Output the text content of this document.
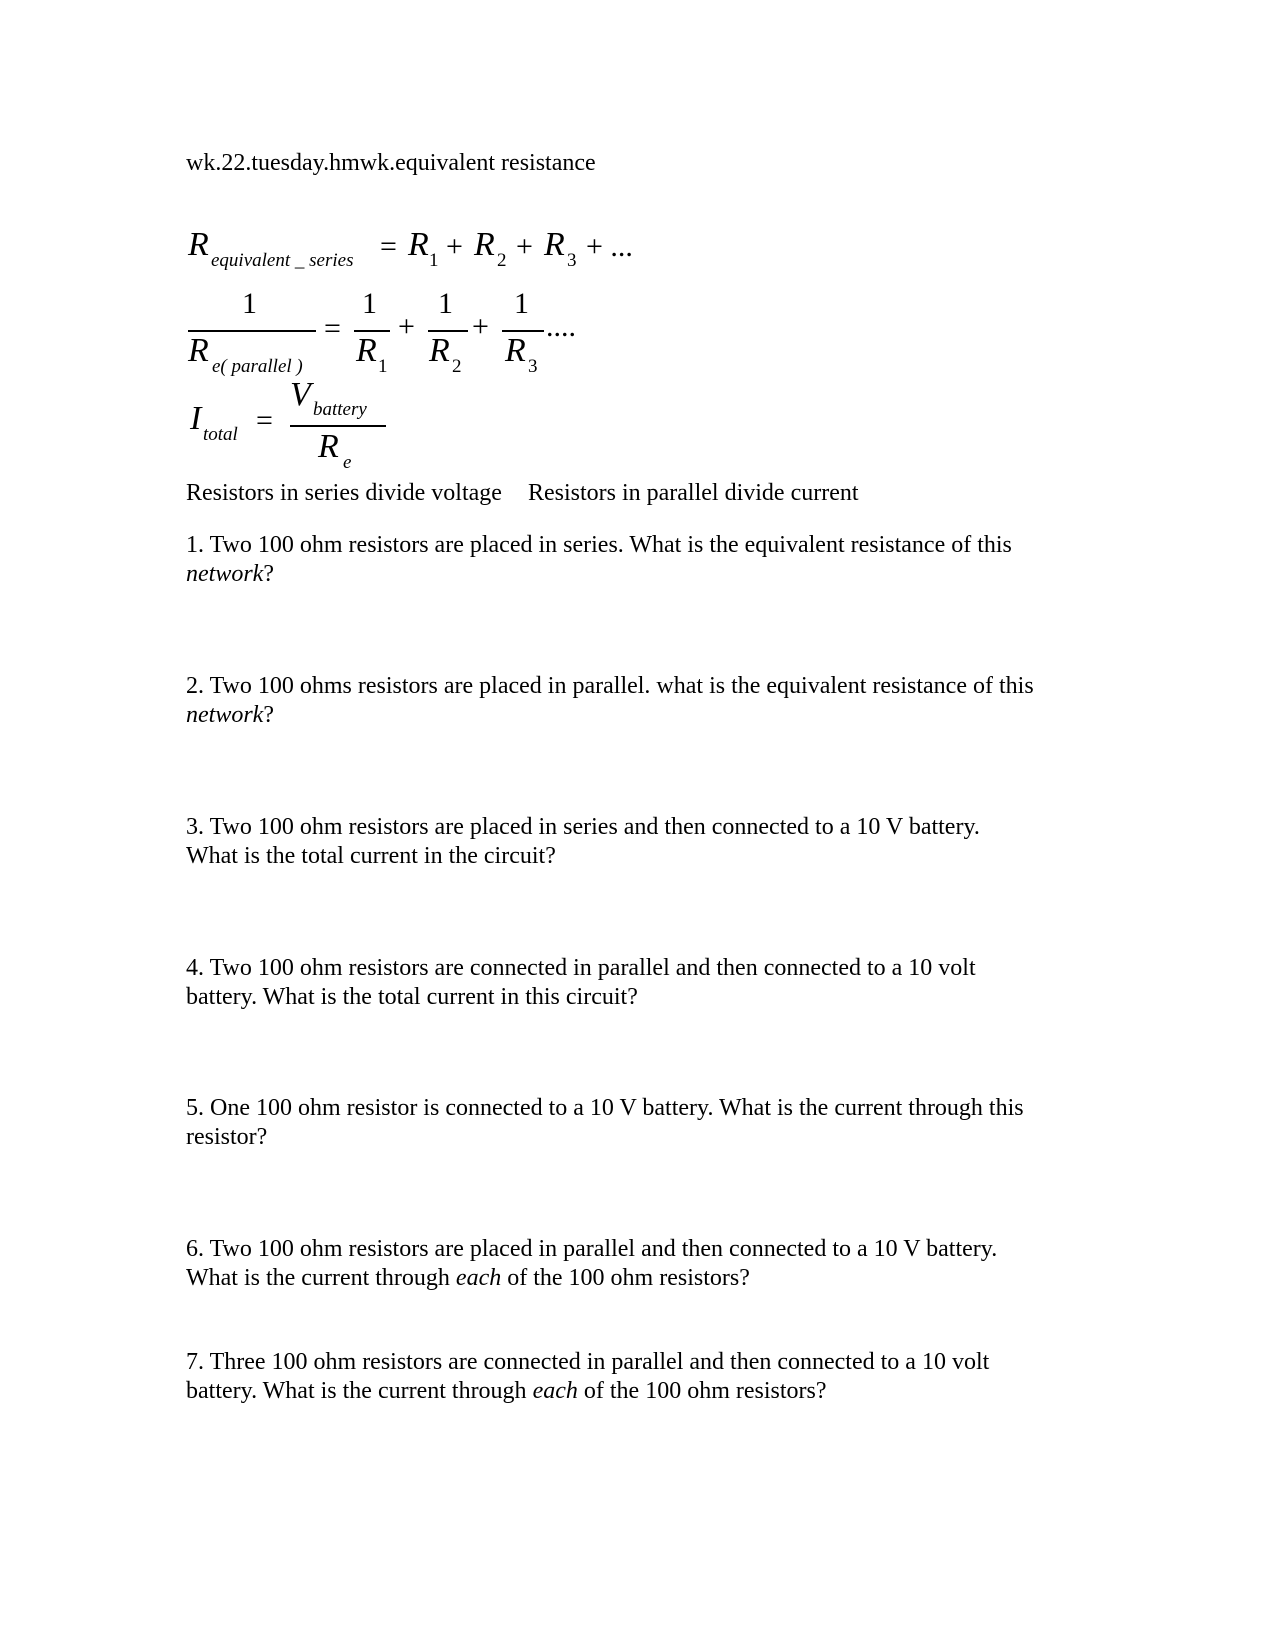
wk.22.tuesday.hmwk.equivalent resistance
R equivalent _ series = R 1 + R 2 + R 3 + ...
1
R e( parallel )
=
1
R 1
+
1
R 2
+
1
R 3
....
I total =
V battery
R e
Resistors in series divide voltage Resistors in parallel divide current
1. Two 100 ohm resistors are placed in series. What is the equivalent resistance of this
network?
2. Two 100 ohms resistors are placed in parallel. what is the equivalent resistance of this
network?
3. Two 100 ohm resistors are placed in series and then connected to a 10 V battery.
What is the total current in the circuit?
4. Two 100 ohm resistors are connected in parallel and then connected to a 10 volt
battery. What is the total current in this circuit?
5. One 100 ohm resistor is connected to a 10 V battery. What is the current through this
resistor?
6. Two 100 ohm resistors are placed in parallel and then connected to a 10 V battery.
What is the current through each of the 100 ohm resistors?
7. Three 100 ohm resistors are connected in parallel and then connected to a 10 volt
battery. What is the current through each of the 100 ohm resistors?
